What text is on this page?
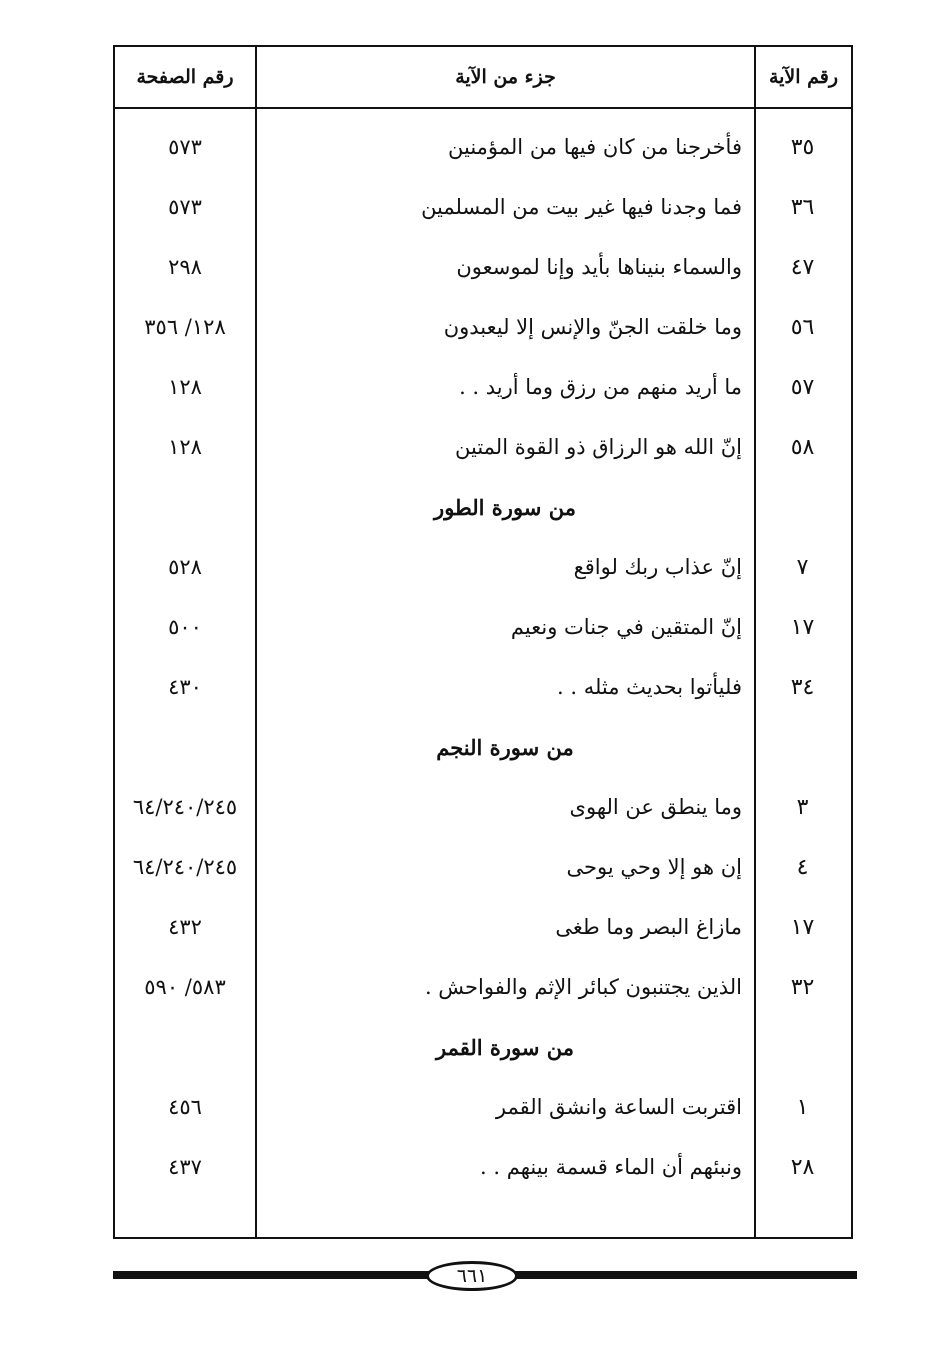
رقم الآية
جزء من الآية
رقم الصفحة
٣٥
فأخرجنا من كان فيها من المؤمنين
٥٧٣
٣٦
فما وجدنا فيها غير بيت من المسلمين
٥٧٣
٤٧
والسماء بنيناها بأيد وإنا لموسعون
٢٩٨
٥٦
وما خلقت الجنّ والإنس إلا ليعبدون
١٢٨/ ٣٥٦
٥٧
ما أريد منهم من رزق وما أريد . .
١٢٨
٥٨
إنّ الله هو الرزاق ذو القوة المتين
١٢٨
من سورة الطور
٧
إنّ عذاب ربك لواقع
٥٢٨
١٧
إنّ المتقين في جنات ونعيم
٥٠٠
٣٤
فليأتوا بحديث مثله . .
٤٣٠
من سورة النجم
٣
وما ينطق عن الهوى
٦٤/٢٤٠/٢٤٥
٤
إن هو إلا وحي يوحى
٦٤/٢٤٠/٢٤٥
١٧
مازاغ البصر وما طغى
٤٣٢
٣٢
الذين يجتنبون كبائر الإثم والفواحش .
٥٨٣/ ٥٩٠
من سورة القمر
١
اقتربت الساعة وانشق القمر
٤٥٦
٢٨
ونبئهم أن الماء قسمة بينهم . .
٤٣٧
٦٦١
